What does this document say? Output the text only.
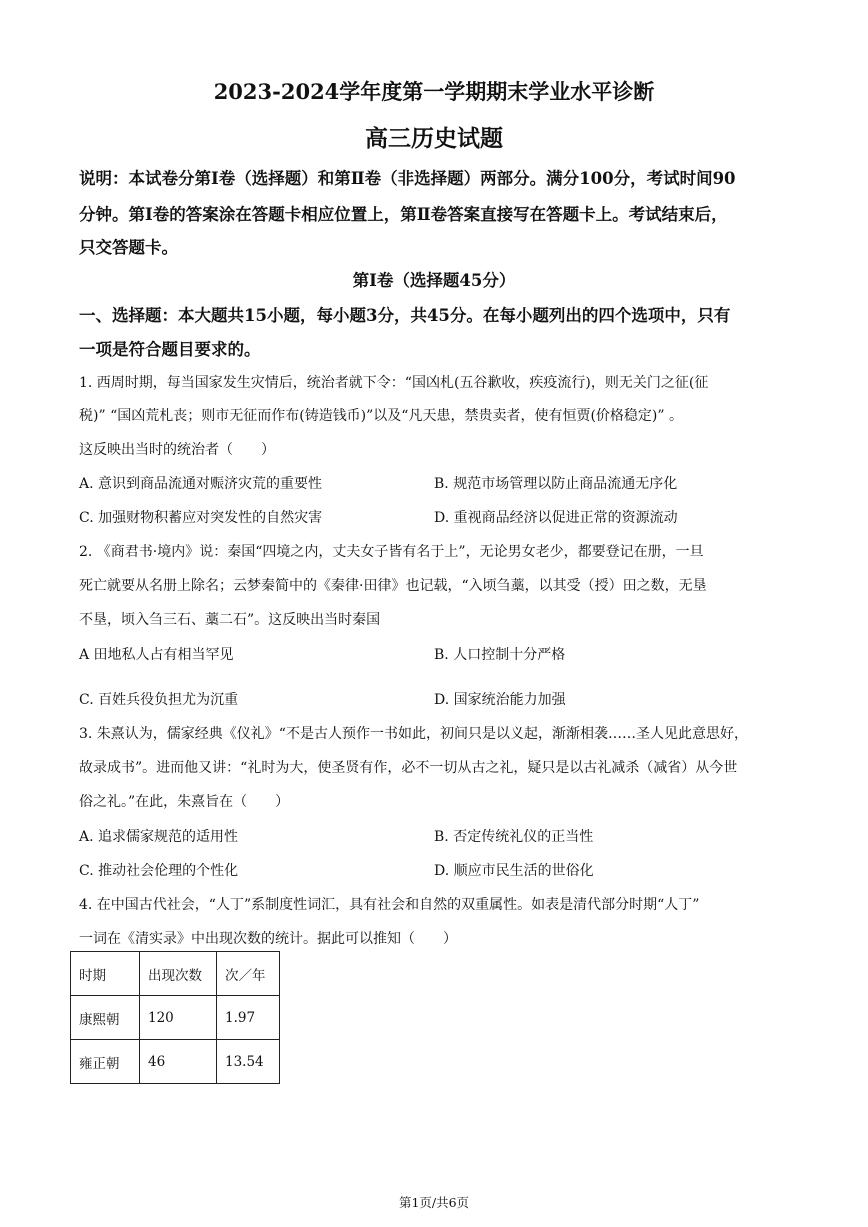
2023-2024学年度第一学期期末学业水平诊断
高三历史试题
说明：本试卷分第Ⅰ卷（选择题）和第Ⅱ卷（非选择题）两部分。满分100分，考试时间90
分钟。第Ⅰ卷的答案涂在答题卡相应位置上，第Ⅱ卷答案直接写在答题卡上。考试结束后，
只交答题卡。
第Ⅰ卷（选择题45分）
一、选择题：本大题共15小题，每小题3分，共45分。在每小题列出的四个选项中，只有
一项是符合题目要求的。
1. 西周时期，每当国家发生灾情后，统治者就下令：“国凶札(五谷歉收，疾疫流行)，则无关门之征(征
税)” “国凶荒札丧；则市无征而作布(铸造钱币)”以及“凡天患，禁贵卖者，使有恒贾(价格稳定)” 。
这反映出当时的统治者（　　）
A. 意识到商品流通对赈济灾荒的重要性	B. 规范市场管理以防止商品流通无序化
C. 加强财物积蓄应对突发性的自然灾害	D. 重视商品经济以促进正常的资源流动
2. 《商君书·境内》说：秦国“四境之内，丈夫女子皆有名于上”，无论男女老少，都要登记在册，一旦
死亡就要从名册上除名；云梦秦简中的《秦律·田律》也记载，“入顷刍藁，以其受（授）田之数，无垦
不垦，顷入刍三石、藁二石”。这反映出当时秦国
A 田地私人占有相当罕见	B. 人口控制十分严格
C. 百姓兵役负担尤为沉重	D. 国家统治能力加强
3. 朱熹认为，儒家经典《仪礼》“不是古人预作一书如此，初间只是以义起，渐渐相袭……圣人见此意思好，
故录成书”。进而他又讲：“礼时为大，使圣贤有作，必不一切从古之礼，疑只是以古礼减杀（减省）从今世
俗之礼。”在此，朱熹旨在（　　）
A. 追求儒家规范的适用性	B. 否定传统礼仪的正当性
C. 推动社会伦理的个性化	D. 顺应市民生活的世俗化
4. 在中国古代社会，“人丁”系制度性词汇，具有社会和自然的双重属性。如表是清代部分时期“人丁”
一词在《清实录》中出现次数的统计。据此可以推知（　　）
时期	出现次数	次／年
康熙朝	120	1.97
雍正朝	46	13.54
第1页/共6页
